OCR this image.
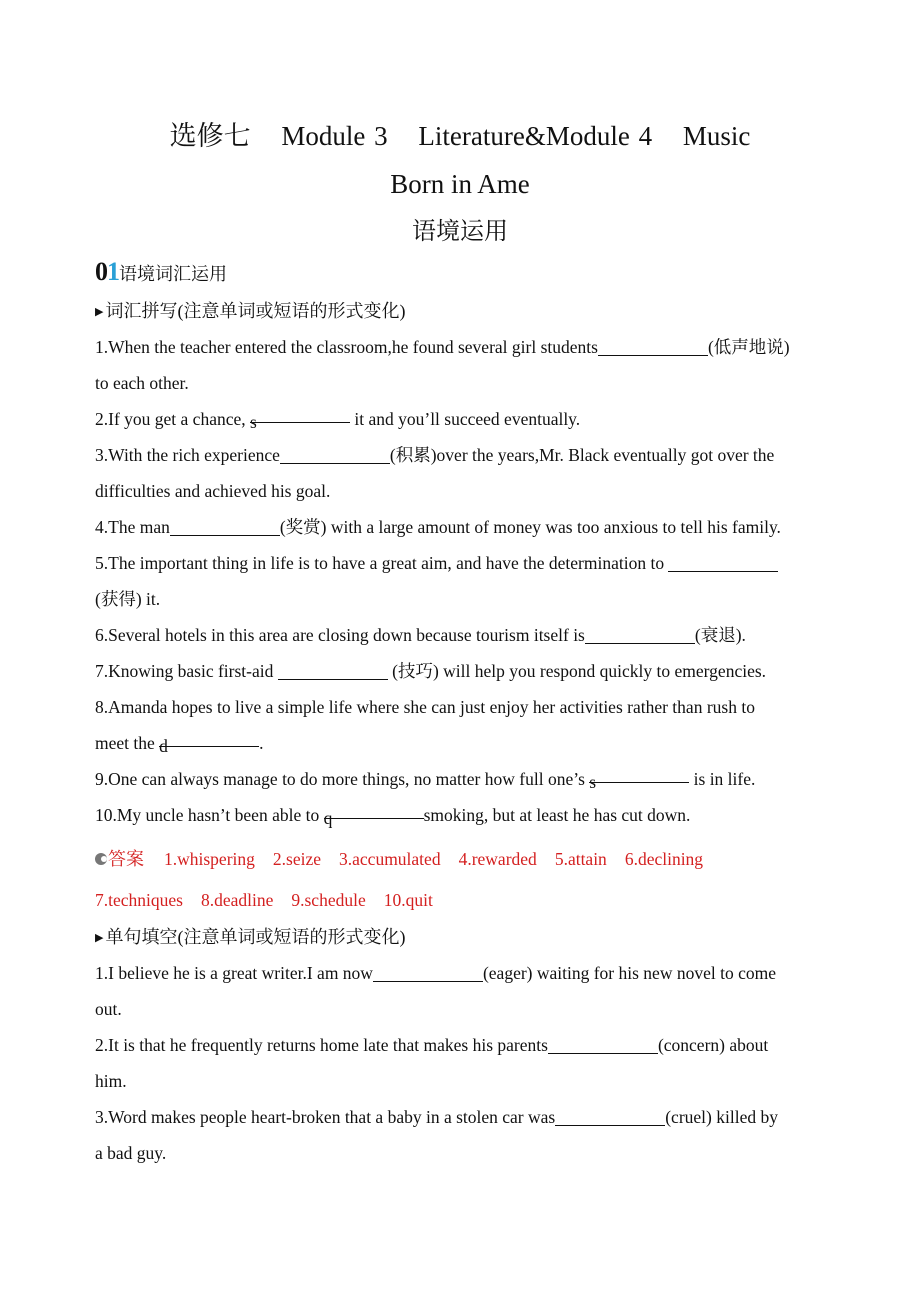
选修七 Module 3 Literature&Module 4 Music
Born in Ame
语境运用
01语境词汇运用
▶ 词汇拼写(注意单词或短语的形式变化)
1.When the teacher entered the classroom,he found several girl students	(低声地说)
to each other.
2.If you get a chance, s	it and you’ll succeed eventually.
3.With the rich experience	(积累)over the years,Mr. Black eventually got over the
difficulties and achieved his goal.
4.The man	(奖赏) with a large amount of money was too anxious to tell his family.
5.The important thing in life is to have a great aim, and have the determination to
(获得) it.
6.Several hotels in this area are closing down because tourism itself is	(衰退).
7.Knowing basic first-aid	(技巧) will help you respond quickly to emergencies.
8.Amanda hopes to live a simple life where she can just enjoy her activities rather than rush to
meet the d	.
9.One can always manage to do more things, no matter how full one’s s	is in life.
10.My uncle hasn’t been able to q	smoking, but at least he has cut down.
答案 1.whispering 2.seize 3.accumulated 4.rewarded 5.attain 6.declining
7.techniques 8.deadline 9.schedule 10.quit
▶ 单句填空(注意单词或短语的形式变化)
1.I believe he is a great writer.I am now	(eager) waiting for his new novel to come
out.
2.It is that he frequently returns home late that makes his parents	(concern) about
him.
3.Word makes people heart-broken that a baby in a stolen car was	(cruel) killed by
a bad guy.
